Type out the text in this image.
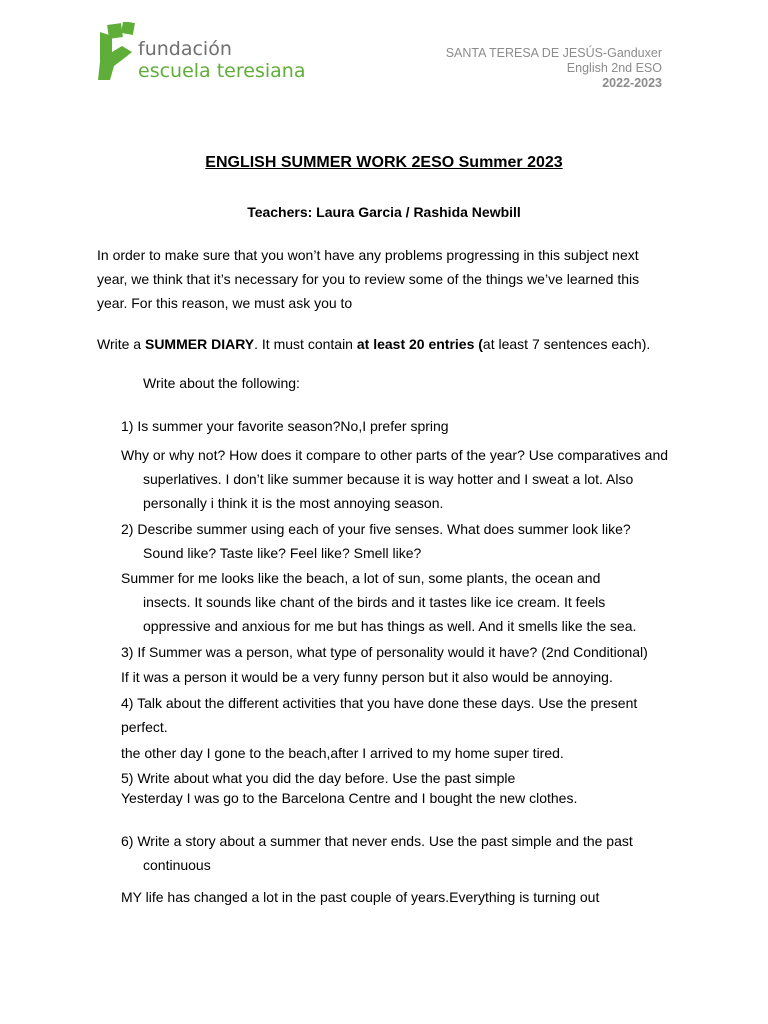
fundación
escuela teresiana
SANTA TERESA DE JESÚS-Ganduxer
English 2nd ESO
2022-2023
ENGLISH SUMMER WORK 2ESO Summer 2023
Teachers: Laura Garcia / Rashida Newbill
In order to make sure that you won’t have any problems progressing in this subject next
year, we think that it’s necessary for you to review some of the things we’ve learned this
year. For this reason, we must ask you to
Write a SUMMER DIARY. It must contain at least 20 entries (at least 7 sentences each).
Write about the following:
1) Is summer your favorite season?No,I prefer spring
Why or why not? How does it compare to other parts of the year? Use comparatives and
superlatives. I don’t like summer because it is way hotter and I sweat a lot. Also
personally i think it is the most annoying season.
2) Describe summer using each of your five senses. What does summer look like?
Sound like? Taste like? Feel like? Smell like?
Summer for me looks like the beach, a lot of sun, some plants, the ocean and
insects. It sounds like chant of the birds and it tastes like ice cream. It feels
oppressive and anxious for me but has things as well. And it smells like the sea.
3) If Summer was a person, what type of personality would it have? (2nd Conditional)
If it was a person it would be a very funny person but it also would be annoying.
4) Talk about the different activities that you have done these days. Use the present
perfect.
the other day I gone to the beach,after I arrived to my home super tired.
5) Write about what you did the day before. Use the past simple
Yesterday I was go to the Barcelona Centre and I bought the new clothes.
6) Write a story about a summer that never ends. Use the past simple and the past
continuous
MY life has changed a lot in the past couple of years.Everything is turning out
